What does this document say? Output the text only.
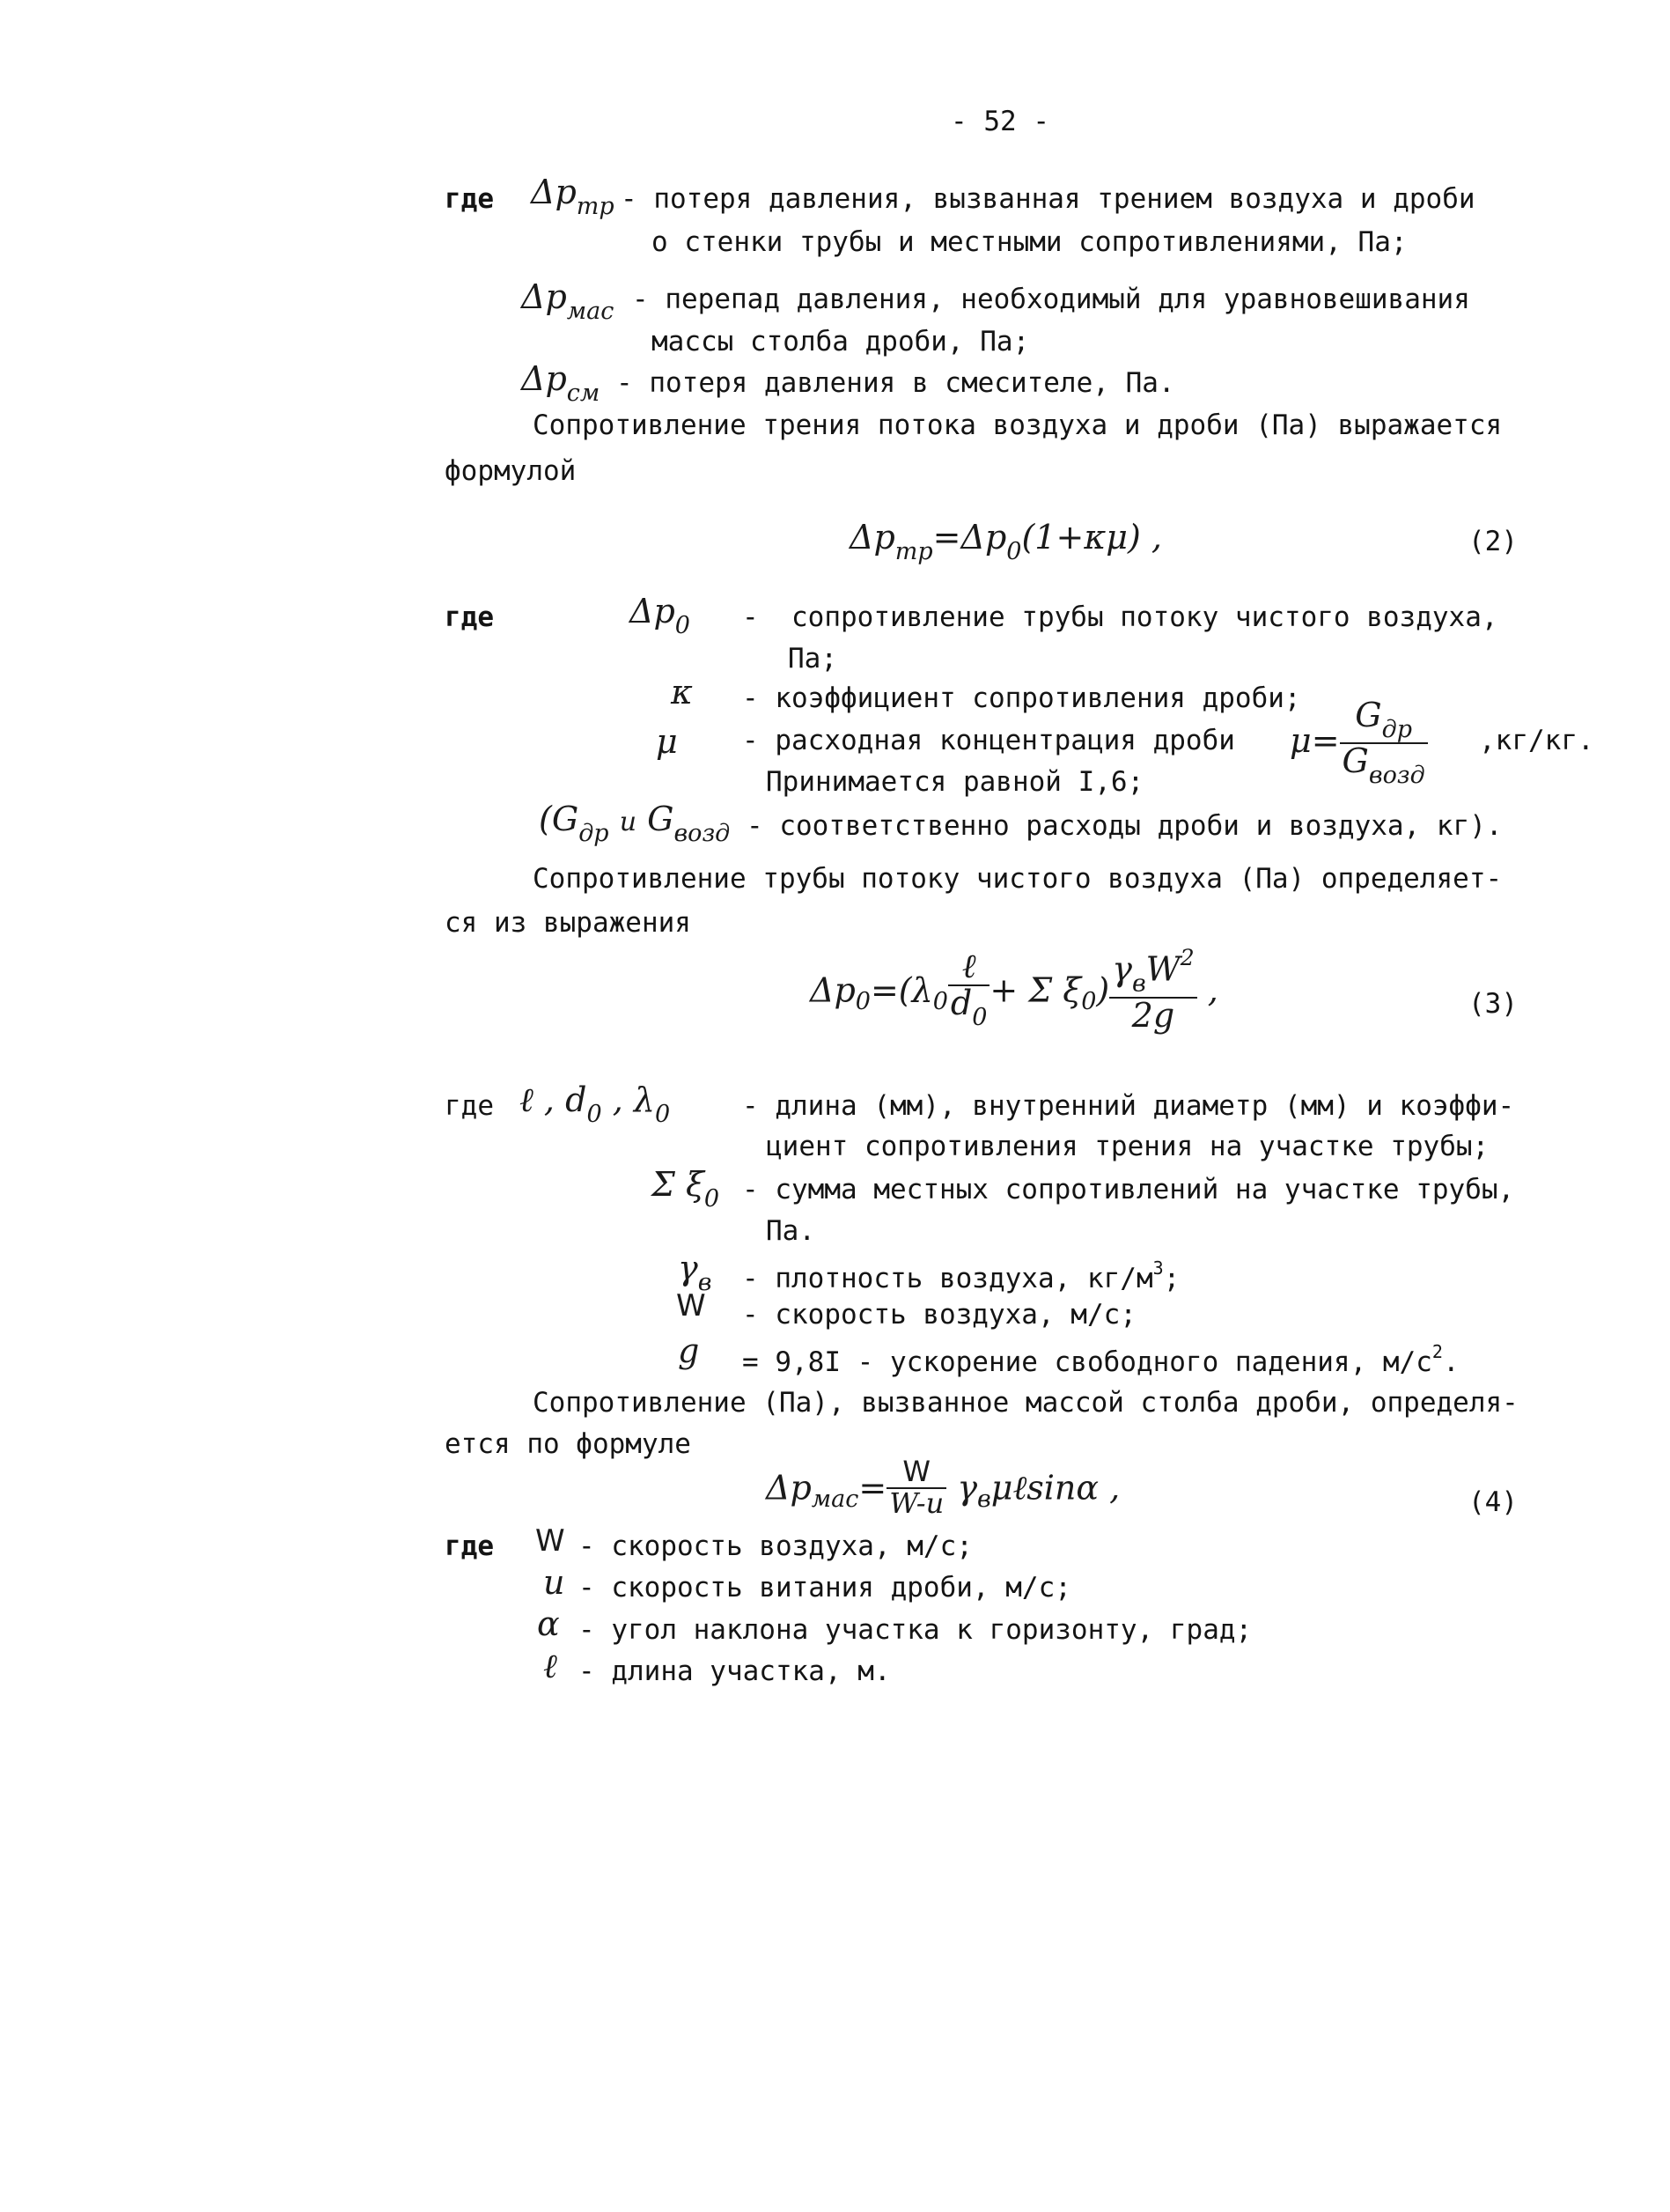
- 52 -
где $\Delta p_{тр}$ - потеря давления, вызванная трением воздуха и дроби
о стенки трубы и местными сопротивлениями, Па;
$\Delta p_{мас}$ - перепад давления, необходимый для уравновешивания
массы столба дроби, Па;
$\Delta p_{см}$ - потеря давления в смесителе, Па.
Сопротивление трения потока воздуха и дроби (Па) выражается
формулой
$\Delta p_{тр}=\Delta p_0(1+\kappa\mu)$ ,	(2)
где	$\Delta p_0$ - сопротивление трубы потоку чистого воздуха,
Па;
κ - коэффициент сопротивления дроби;
μ - расходная концентрация дроби $\mu= \frac{G_{др}}{G_{возд}} ,кг/кг$.
Принимается равной I,6;
($G_{др}$ и $G_{возд}$ - соответственно расходы дроби и воздуха, кг).
Сопротивление трубы потоку чистого воздуха (Па) определяет-
ся из выражения
$\Delta p_0=(\lambda_0 \frac{\text{ℓ}}{d_0} + \Sigma$ $\xi_0) \frac{\gamma_вW^2}{2g}$ ,	(3)
где ℓ , $d_0$ , $\lambda_0$	- длина (мм), внутренний диаметр (мм) и коэффи-
циент сопротивления трения на участке трубы;
Σ $\xi_0$ - сумма местных сопротивлений на участке трубы,
Па.
$\gamma_в$ - плотность воздуха, $кг/м^3$;
W - скорость воздуха, м/с;
g = 9,8I - ускорение свободного падения, $м/с^2$.
Сопротивление (Па), вызванное массой столба дроби, определя-
ется по формуле
$\Delta p_{мас}= \frac{W}{W-u}$ $\gamma_в\mu\ell\sin\alpha$ ,	(4)
где W - скорость воздуха, м/с;
u - скорость витания дроби, м/с;
α - угол наклона участка к горизонту, град;
ℓ - длина участка, м.
